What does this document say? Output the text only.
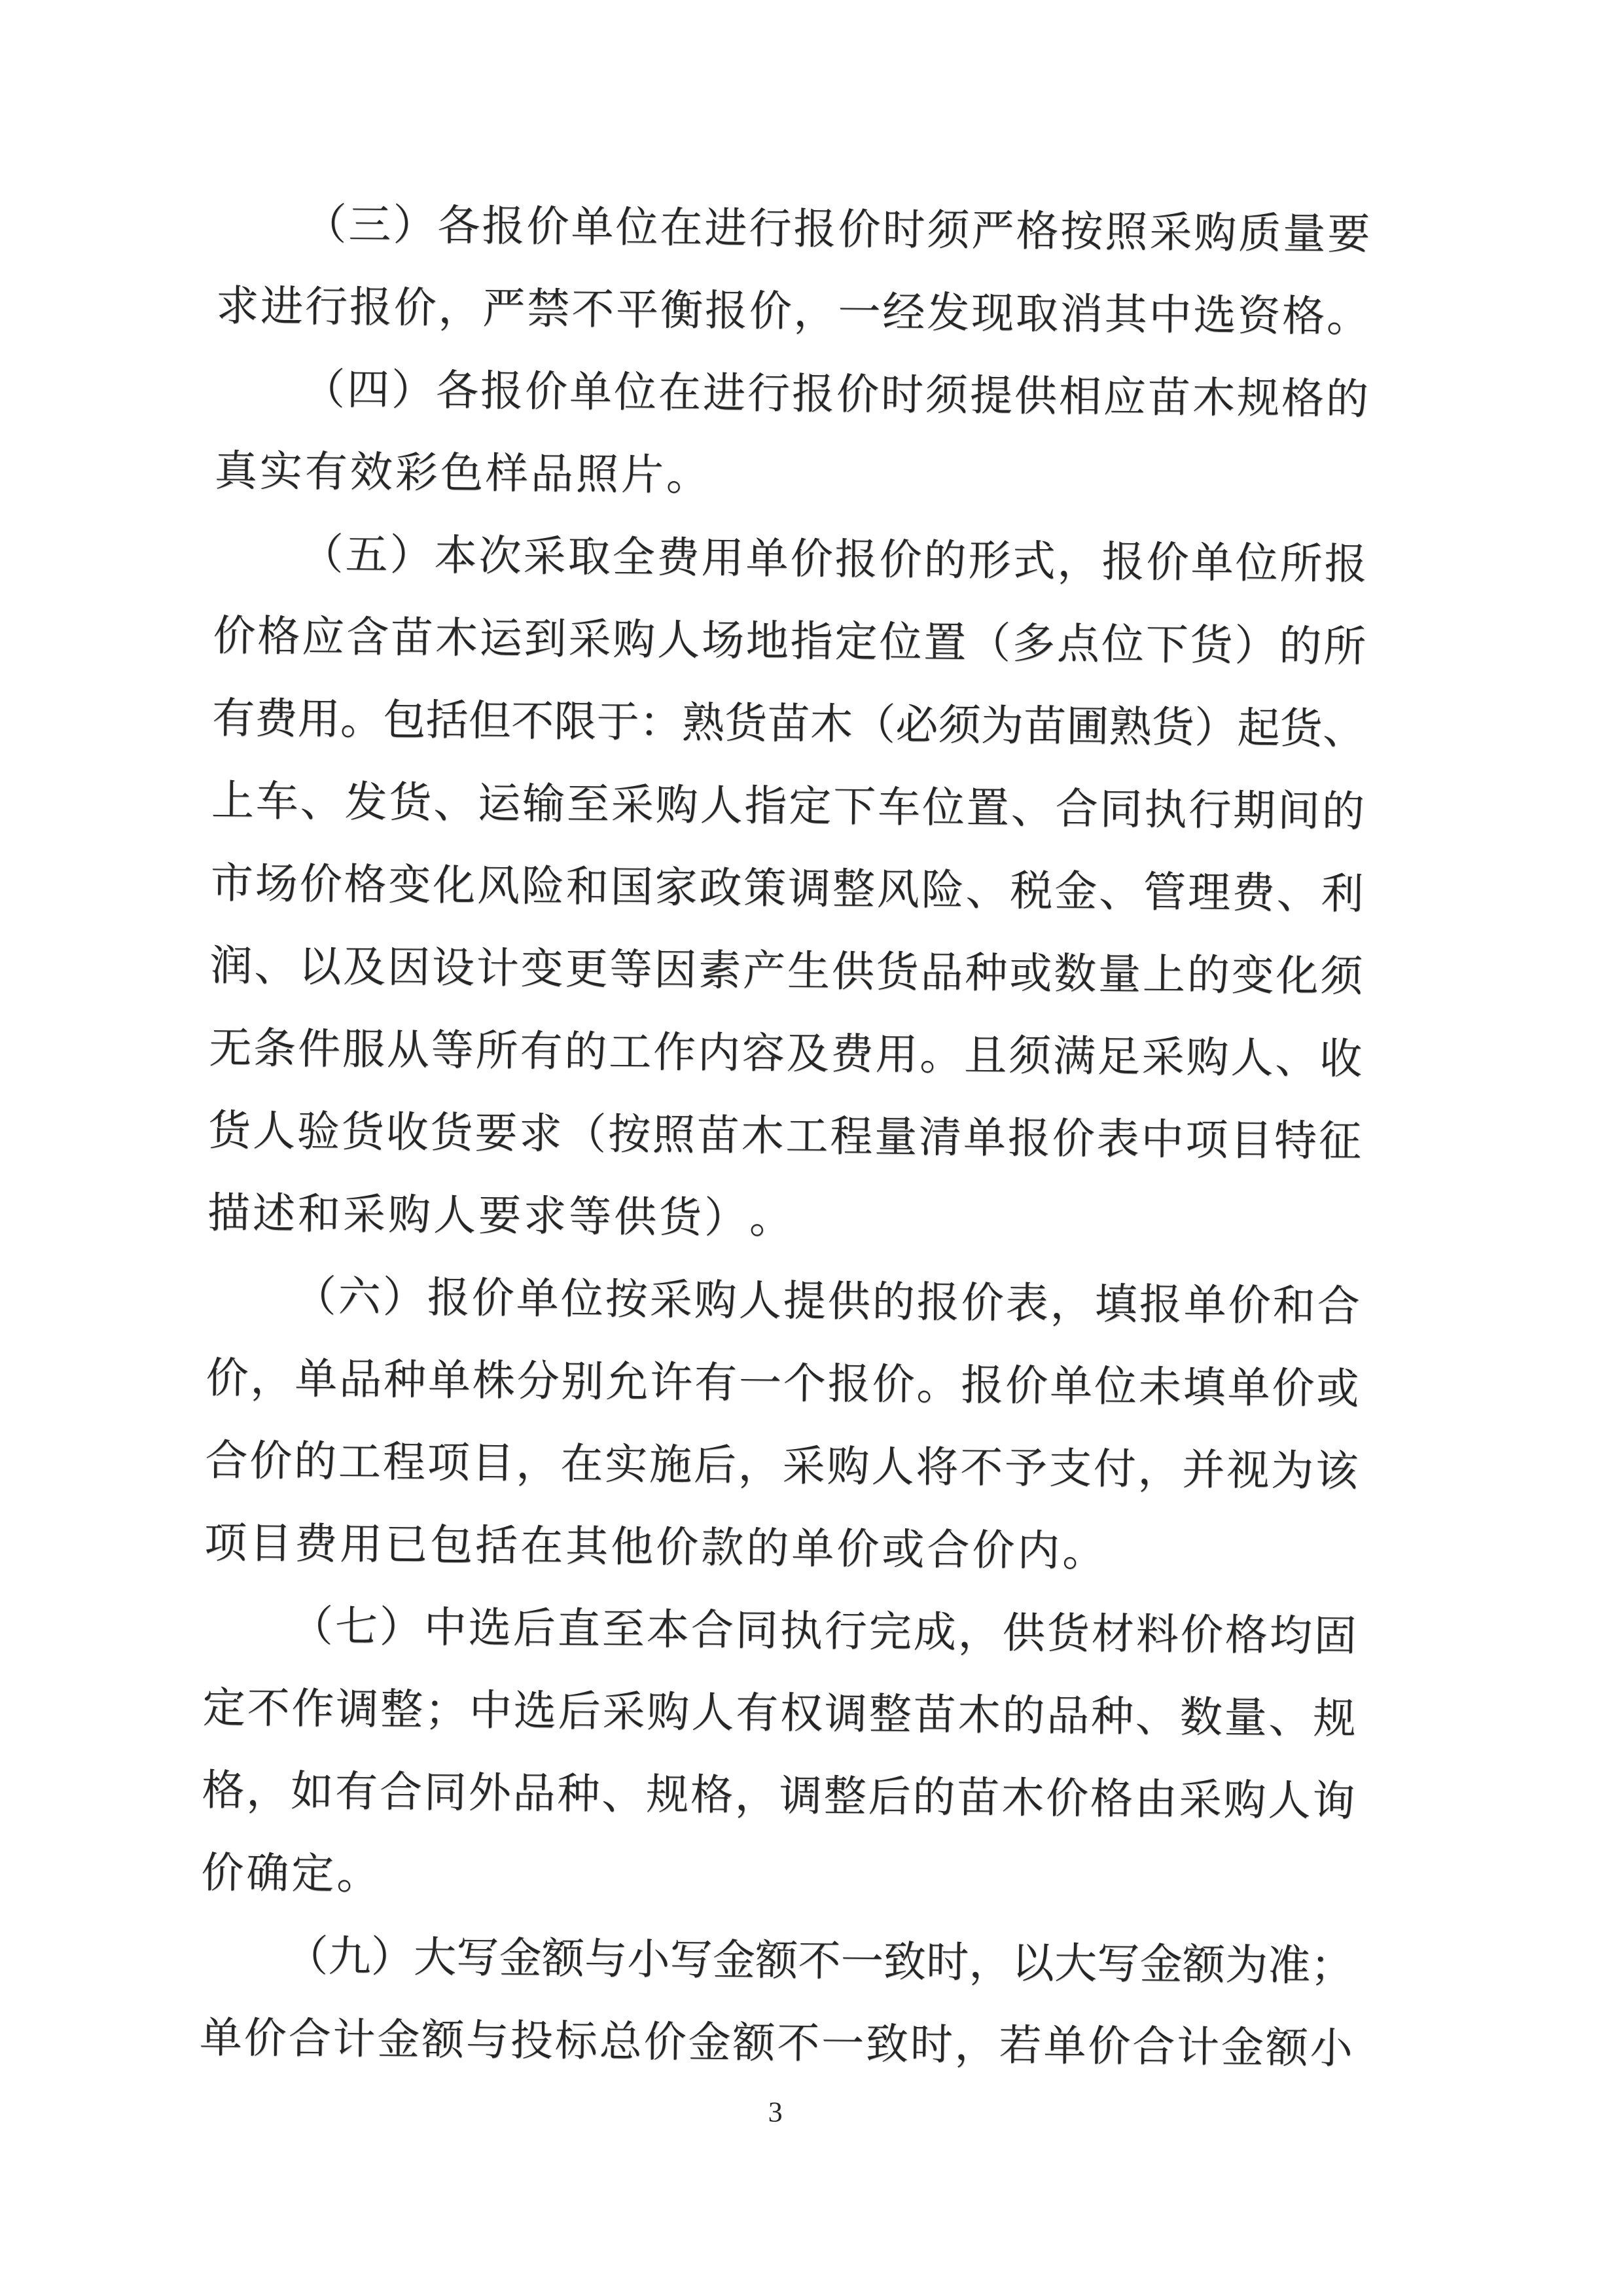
（ 三 ） 各 报 价 单 位 在 进 行 报 价 时 须 严 格 按 照 采 购 质 量 要
求 进 行 报 价 ， 严 禁 不 平 衡 报 价 ， 一 经 发 现 取 消 其 中 选 资 格 。
（ 四 ） 各 报 价 单 位 在 进 行 报 价 时 须 提 供 相 应 苗 木 规 格 的
真 实 有 效 彩 色 样 品 照 片 。
（ 五 ） 本 次 采 取 全 费 用 单 价 报 价 的 形 式 ， 报 价 单 位 所 报
价 格 应 含 苗 木 运 到 采 购 人 场 地 指 定 位 置 （ 多 点 位 下 货 ） 的 所
有 费 用 。 包 括 但 不 限 于 ： 熟 货 苗 木 （ 必 须 为 苗 圃 熟 货 ） 起 货 、
上 车 、 发 货 、 运 输 至 采 购 人 指 定 下 车 位 置 、 合 同 执 行 期 间 的
市 场 价 格 变 化 风 险 和 国 家 政 策 调 整 风 险 、 税 金 、 管 理 费 、 利
润 、 以 及 因 设 计 变 更 等 因 素 产 生 供 货 品 种 或 数 量 上 的 变 化 须
无 条 件 服 从 等 所 有 的 工 作 内 容 及 费 用 。 且 须 满 足 采 购 人 、 收
货 人 验 货 收 货 要 求 （ 按 照 苗 木 工 程 量 清 单 报 价 表 中 项 目 特 征
描 述 和 采 购 人 要 求 等 供 货 ） 。
（ 六 ） 报 价 单 位 按 采 购 人 提 供 的 报 价 表 ， 填 报 单 价 和 合
价 ， 单 品 种 单 株 分 别 允 许 有 一 个 报 价 。 报 价 单 位 未 填 单 价 或
合 价 的 工 程 项 目 ， 在 实 施 后 ， 采 购 人 将 不 予 支 付 ， 并 视 为 该
项 目 费 用 已 包 括 在 其 他 价 款 的 单 价 或 合 价 内 。
（ 七 ） 中 选 后 直 至 本 合 同 执 行 完 成 ， 供 货 材 料 价 格 均 固
定 不 作 调 整 ； 中 选 后 采 购 人 有 权 调 整 苗 木 的 品 种 、 数 量 、 规
格 ， 如 有 合 同 外 品 种 、 规 格 ， 调 整 后 的 苗 木 价 格 由 采 购 人 询
价 确 定 。
（ 九 ） 大 写 金 额 与 小 写 金 额 不 一 致 时 ， 以 大 写 金 额 为 准 ；
单 价 合 计 金 额 与 投 标 总 价 金 额 不 一 致 时 ， 若 单 价 合 计 金 额 小
3
